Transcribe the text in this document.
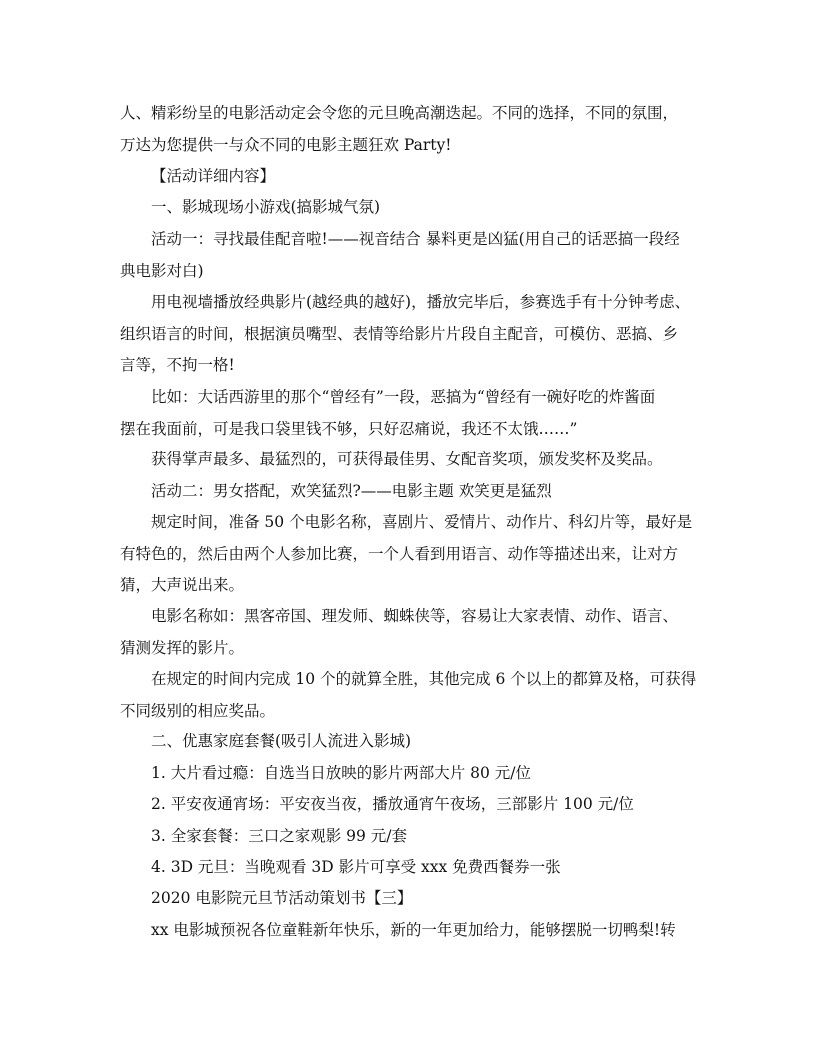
人、精彩纷呈的电影活动定会令您的元旦晚高潮迭起。不同的选择，不同的氛围，
万达为您提供一与众不同的电影主题狂欢 Party!

【活动详细内容】

一、影城现场小游戏(搞影城气氛)

活动一：寻找最佳配音啦!——视音结合 暴料更是凶猛(用自己的话恶搞一段经
典电影对白)

用电视墙播放经典影片(越经典的越好)，播放完毕后，参赛选手有十分钟考虑、
组织语言的时间，根据演员嘴型、表情等给影片片段自主配音，可模仿、恶搞、乡
言等，不拘一格!

比如：大话西游里的那个“曾经有”一段，恶搞为“曾经有一碗好吃的炸酱面
摆在我面前，可是我口袋里钱不够，只好忍痛说，我还不太饿……”

获得掌声最多、最猛烈的，可获得最佳男、女配音奖项，颁发奖杯及奖品。

活动二：男女搭配，欢笑猛烈?——电影主题 欢笑更是猛烈

规定时间，准备 50 个电影名称，喜剧片、爱情片、动作片、科幻片等，最好是
有特色的，然后由两个人参加比赛，一个人看到用语言、动作等描述出来，让对方
猜，大声说出来。

电影名称如：黑客帝国、理发师、蜘蛛侠等，容易让大家表情、动作、语言、
猜测发挥的影片。

在规定的时间内完成 10 个的就算全胜，其他完成 6 个以上的都算及格，可获得
不同级别的相应奖品。

二、优惠家庭套餐(吸引人流进入影城)

1. 大片看过瘾：自选当日放映的影片两部大片 80 元/位

2. 平安夜通宵场：平安夜当夜，播放通宵午夜场，三部影片 100 元/位

3. 全家套餐：三口之家观影 99 元/套

4. 3D 元旦：当晚观看 3D 影片可享受 xxx 免费西餐券一张

2020 电影院元旦节活动策划书【三】

xx 电影城预祝各位童鞋新年快乐，新的一年更加给力，能够摆脱一切鸭梨!转
